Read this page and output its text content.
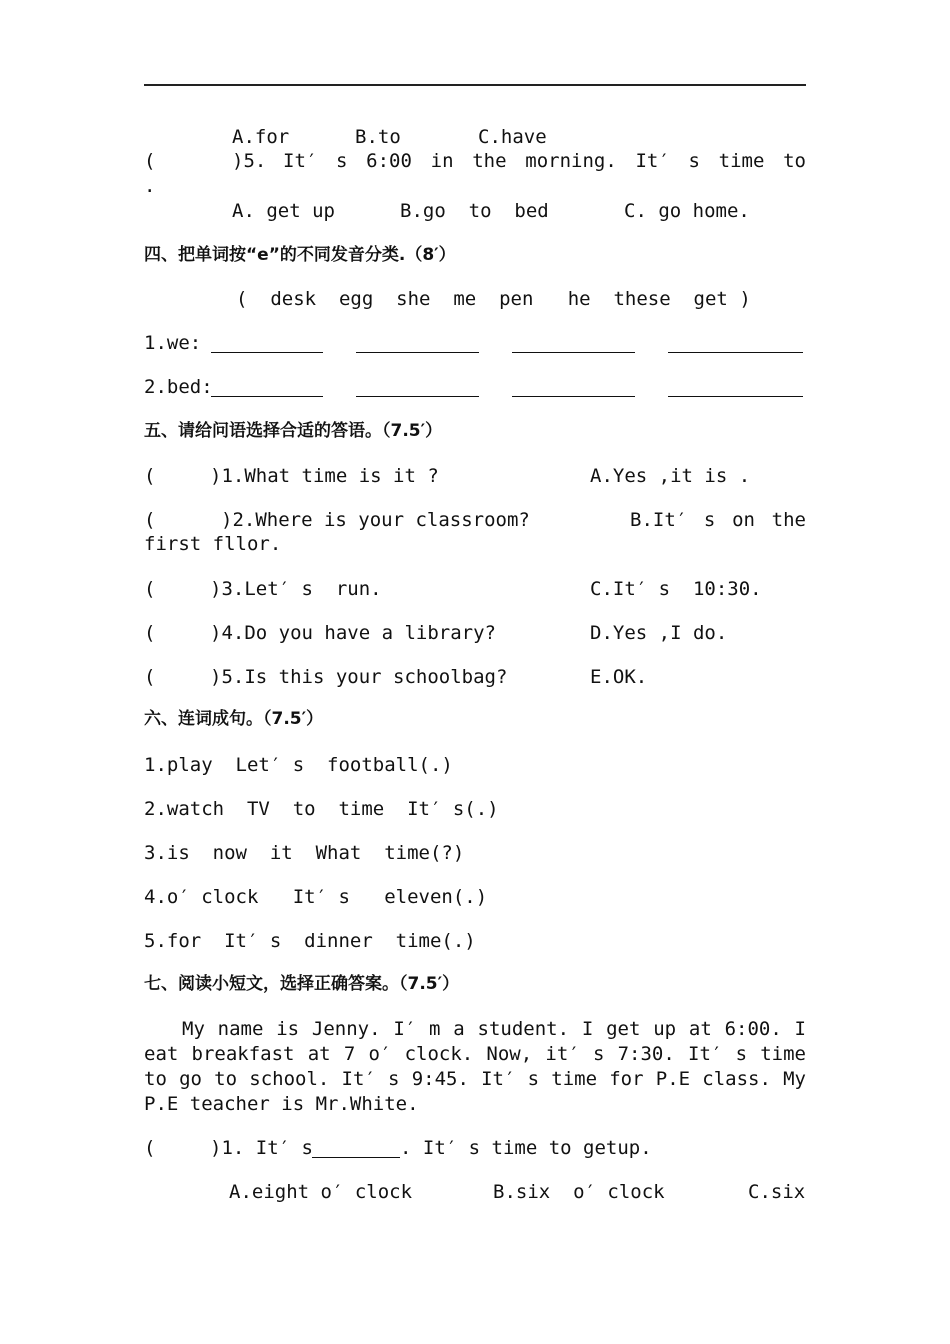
A.for	B.to	C.have
(	)5. It′ s 6:00 in the morning. It′ s time to
.
A. get up	B.go  to  bed	C. go home.
四、把单词按“e”的不同发音分类.（8′）
(  desk  egg  she  me  pen   he  these  get )
1.we:
2.bed:
五、请给问语选择合适的答语。（7.5′）
(	)1.What time is it ?	A.Yes ,it is .
(	)2.Where is your classroom?	B.It′ s on the
first fllor.
(	)3.Let′ s  run.	C.It′ s  10:30.
(	)4.Do you have a library?	D.Yes ,I do.
(	)5.Is this your schoolbag?	E.OK.
六、连词成句。（7.5′）
1.play  Let′ s  football(.)
2.watch  TV  to  time  It′ s(.)
3.is  now  it  What  time(?)
4.o′ clock   It′ s   eleven(.)
5.for  It′ s  dinner  time(.)
七、阅读小短文，选择正确答案。（7.5′）
My name is Jenny. I′ m a student. I get up at 6:00. I eat breakfast at 7 o′ clock. Now, it′ s 7:30. It′ s time to go to school. It′ s 9:45. It′ s time for P.E class. My P.E teacher is Mr.White.
(	)1. It′ s	. It′ s time to getup.
A.eight o′ clock	B.six  o′ clock	C.six
